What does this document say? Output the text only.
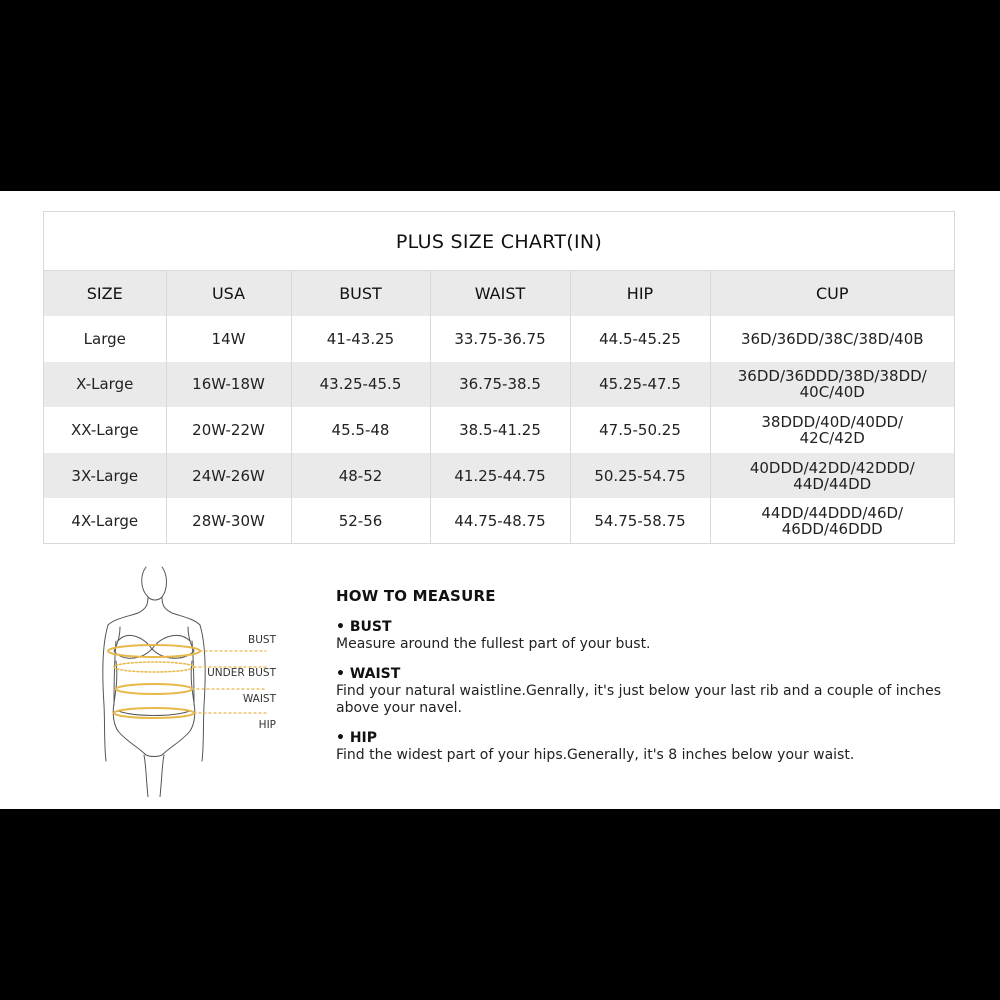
PLUS SIZE CHART(IN)
SIZE	USA	BUST	WAIST	HIP	CUP
Large	14W	41-43.25	33.75-36.75	44.5-45.25	36D/36DD/38C/38D/40B
X-Large	16W-18W	43.25-45.5	36.75-38.5	45.25-47.5	36DD/36DDD/38D/38DD/
40C/40D
XX-Large	20W-22W	45.5-48	38.5-41.25	47.5-50.25	38DDD/40D/40DD/
42C/42D
3X-Large	24W-26W	48-52	41.25-44.75	50.25-54.75	40DDD/42DD/42DDD/
44D/44DD
4X-Large	28W-30W	52-56	44.75-48.75	54.75-58.75	44DD/44DDD/46D/
46DD/46DDD
BUST
UNDER BUST
WAIST
HIP
HOW TO MEASURE
• BUST
Measure around the fullest part of your bust.
• WAIST
Find your natural waistline.Genrally, it's just below your last rib and a couple of inches above your navel.
• HIP
Find the widest part of your hips.Generally, it's 8 inches below your waist.
